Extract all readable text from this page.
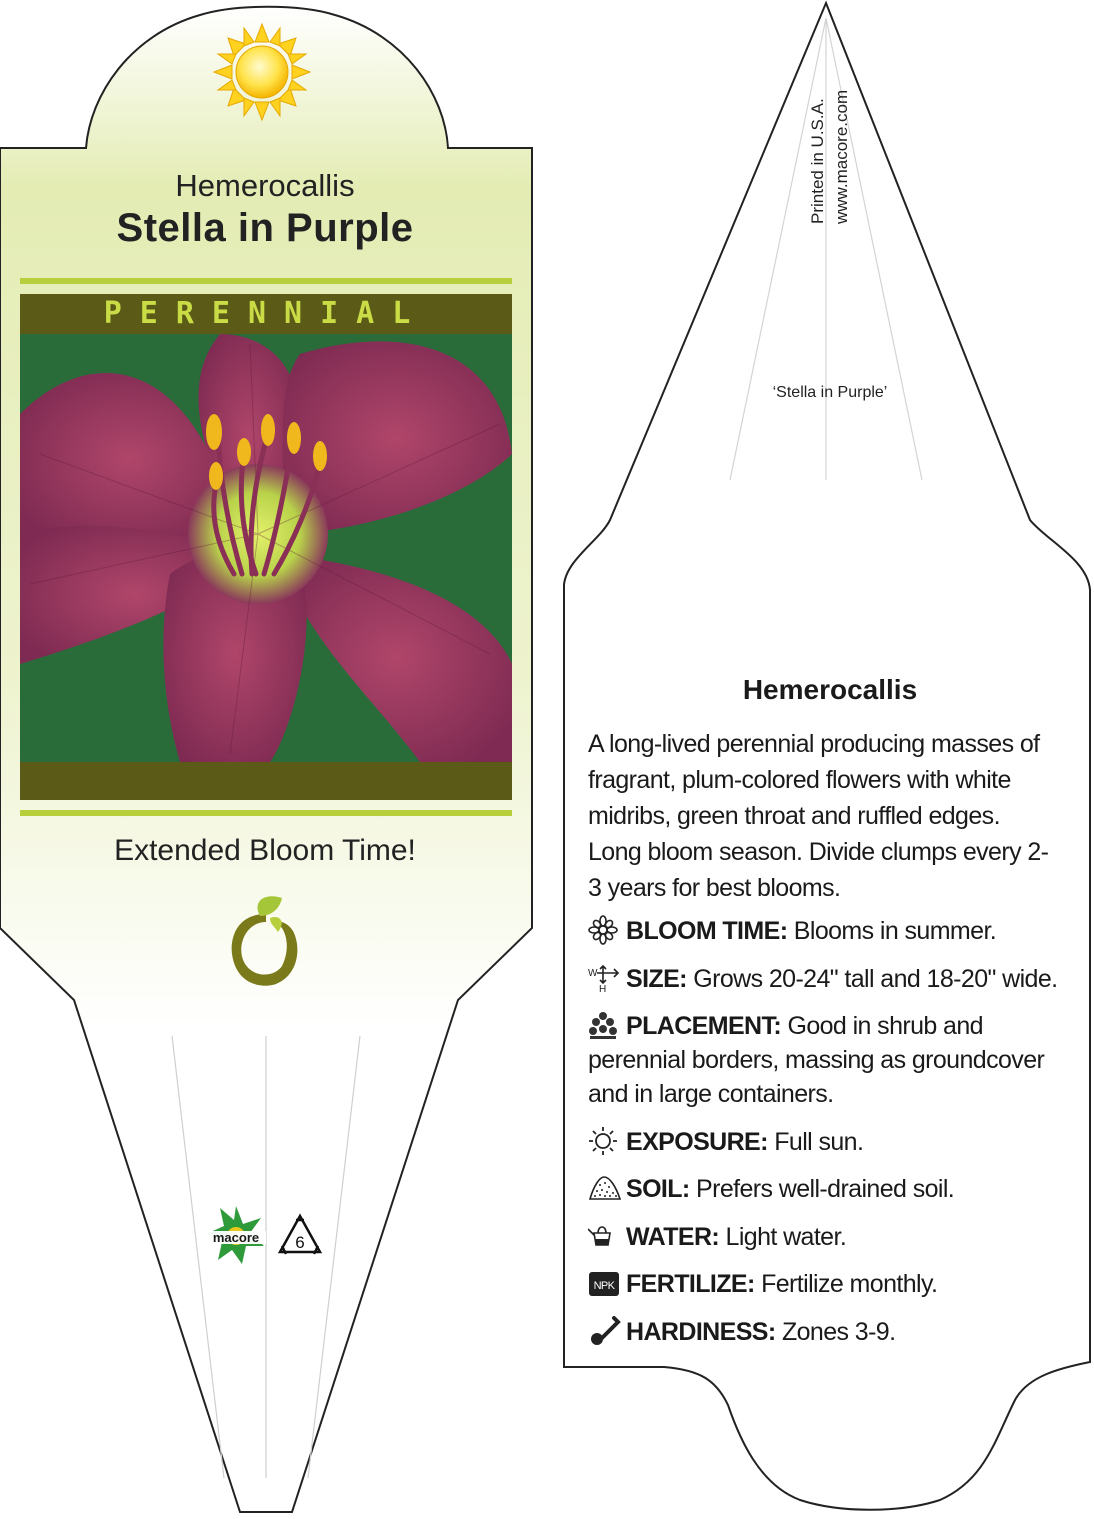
Hemerocallis
Stella in Purple
PERENNIAL
Extended Bloom Time!
macore 6
Printed in U.S.A. www.macore.com
‘Stella in Purple’
Hemerocallis
A long-lived perennial producing masses of fragrant, plum-colored flowers with white midribs, green throat and ruffled edges. Long bloom season. Divide clumps every 2-3 years for best blooms.
BLOOM TIME: Blooms in summer.
W
H SIZE: Grows 20-24" tall and 18-20" wide.
PLACEMENT: Good in shrub and perennial borders, massing as groundcover and in large containers.
EXPOSURE: Full sun.
SOIL: Prefers well-drained soil.
WATER: Light water.
NPK FERTILIZE: Fertilize monthly.
HARDINESS: Zones 3-9.
